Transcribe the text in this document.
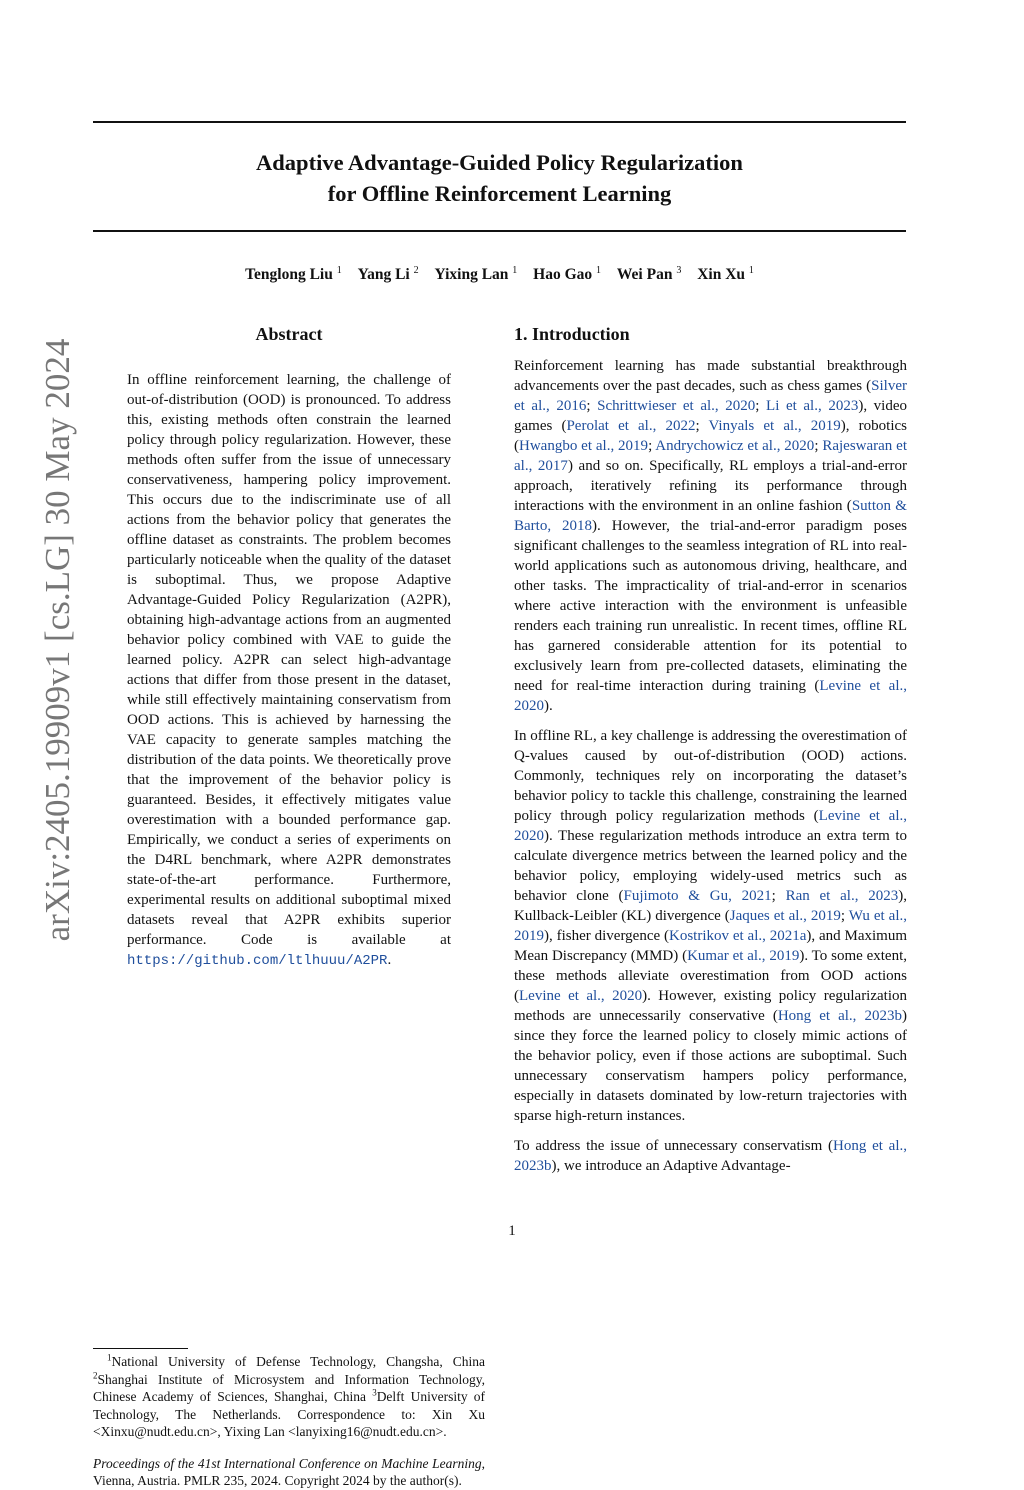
Adaptive Advantage-Guided Policy Regularization
for Offline Reinforcement Learning
Tenglong Liu $^1$ Yang Li $^2$ Yixing Lan $^1$ Hao Gao $^1$ Wei Pan $^3$ Xin Xu $^1$
arXiv:2405.19909v1 [cs.LG] 30 May 2024
Abstract

In offline reinforcement learning, the challenge of out-of-distribution (OOD) is pronounced. To address this, existing methods often constrain the learned policy through policy regularization. However, these methods often suffer from the issue of unnecessary conservativeness, hampering policy improvement. This occurs due to the indiscriminate use of all actions from the behavior policy that generates the offline dataset as constraints. The problem becomes particularly noticeable when the quality of the dataset is suboptimal. Thus, we propose Adaptive Advantage-Guided Policy Regularization (A2PR), obtaining high-advantage actions from an augmented behavior policy combined with VAE to guide the learned policy. A2PR can select high-advantage actions that differ from those present in the dataset, while still effectively maintaining conservatism from OOD actions. This is achieved by harnessing the VAE capacity to generate samples matching the distribution of the data points. We theoretically prove that the improvement of the behavior policy is guaranteed. Besides, it effectively mitigates value overestimation with a bounded performance gap. Empirically, we conduct a series of experiments on the D4RL benchmark, where A2PR demonstrates state-of-the-art performance. Furthermore, experimental results on additional suboptimal mixed datasets reveal that A2PR exhibits superior performance. Code is available at https://github.com/ltlhuuu/A2PR.

$^1$National University of Defense Technology, Changsha, China $^2$Shanghai Institute of Microsystem and Information Technology, Chinese Academy of Sciences, Shanghai, China $^3$Delft University of Technology, The Netherlands. Correspondence to: Xin Xu <Xinxu@nudt.edu.cn>, Yixing Lan <lanyixing16@nudt.edu.cn>.

Proceedings of the 41st International Conference on Machine Learning, Vienna, Austria. PMLR 235, 2024. Copyright 2024 by the author(s).

1. Introduction

Reinforcement learning has made substantial breakthrough advancements over the past decades, such as chess games (Silver et al., 2016; Schrittwieser et al., 2020; Li et al., 2023), video games (Perolat et al., 2022; Vinyals et al., 2019), robotics (Hwangbo et al., 2019; Andrychowicz et al., 2020; Rajeswaran et al., 2017) and so on. Specifically, RL employs a trial-and-error approach, iteratively refining its performance through interactions with the environment in an online fashion (Sutton & Barto, 2018). However, the trial-and-error paradigm poses significant challenges to the seamless integration of RL into real-world applications such as autonomous driving, healthcare, and other tasks. The impracticality of trial-and-error in scenarios where active interaction with the environment is unfeasible renders each training run unrealistic. In recent times, offline RL has garnered considerable attention for its potential to exclusively learn from pre-collected datasets, eliminating the need for real-time interaction during training (Levine et al., 2020).

In offline RL, a key challenge is addressing the overestimation of Q-values caused by out-of-distribution (OOD) actions. Commonly, techniques rely on incorporating the dataset’s behavior policy to tackle this challenge, constraining the learned policy through policy regularization methods (Levine et al., 2020). These regularization methods introduce an extra term to calculate divergence metrics between the learned policy and the behavior policy, employing widely-used metrics such as behavior clone (Fujimoto & Gu, 2021; Ran et al., 2023), Kullback-Leibler (KL) divergence (Jaques et al., 2019; Wu et al., 2019), fisher divergence (Kostrikov et al., 2021a), and Maximum Mean Discrepancy (MMD) (Kumar et al., 2019). To some extent, these methods alleviate overestimation from OOD actions (Levine et al., 2020). However, existing policy regularization methods are unnecessarily conservative (Hong et al., 2023b) since they force the learned policy to closely mimic actions of the behavior policy, even if those actions are suboptimal. Such unnecessary conservatism hampers policy performance, especially in datasets dominated by low-return trajectories with sparse high-return instances.

To address the issue of unnecessary conservatism (Hong et al., 2023b), we introduce an Adaptive Advantage-

1
